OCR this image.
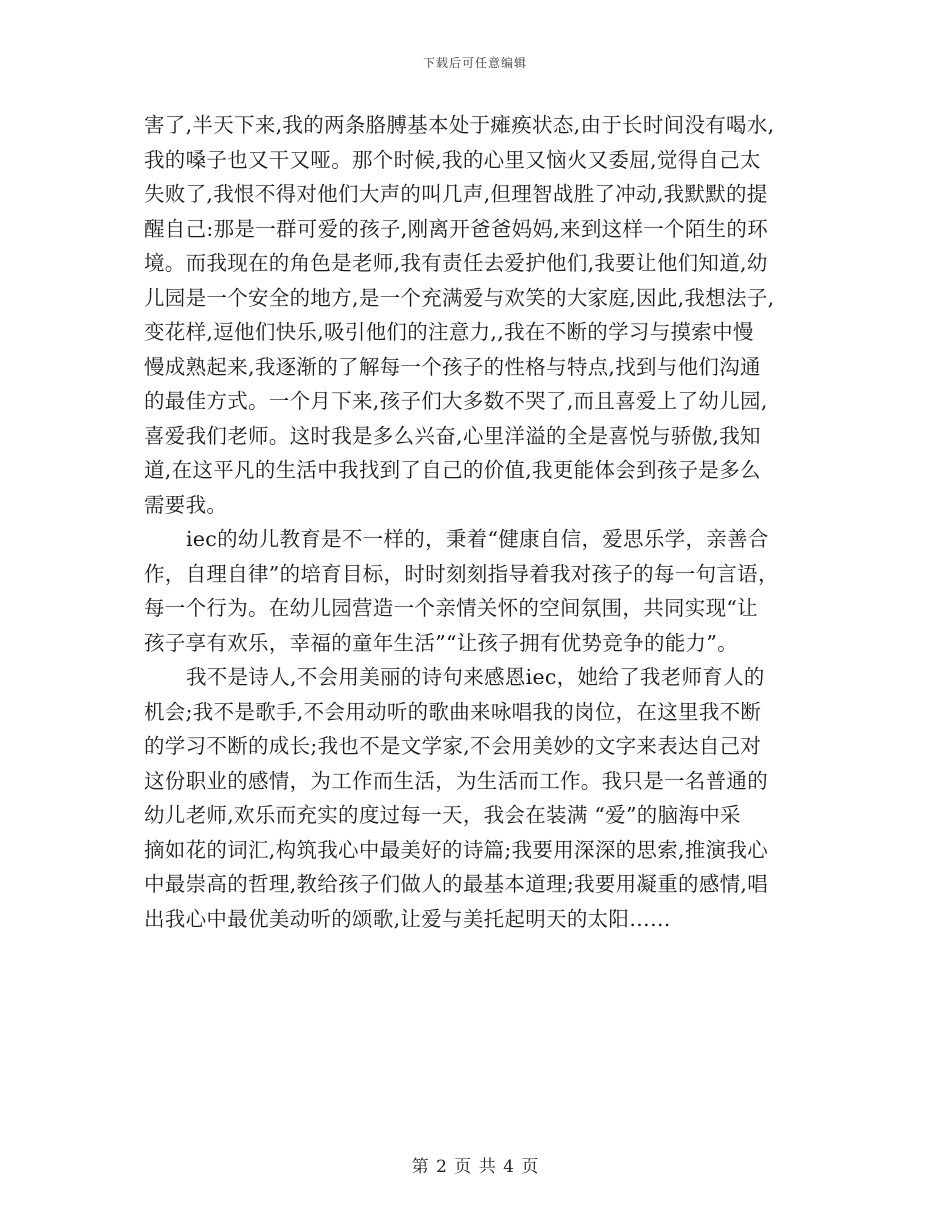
下载后可任意编辑
害了,半天下来,我的两条胳膊基本处于瘫痪状态,由于长时间没有喝水,
我的嗓子也又干又哑。那个时候,我的心里又恼火又委屈,觉得自己太
失败了,我恨不得对他们大声的叫几声,但理智战胜了冲动,我默默的提
醒自己:那是一群可爱的孩子,刚离开爸爸妈妈,来到这样一个陌生的环
境。而我现在的角色是老师,我有责任去爱护他们,我要让他们知道,幼
儿园是一个安全的地方,是一个充满爱与欢笑的大家庭,因此,我想法子,
变花样,逗他们快乐,吸引他们的注意力,,我在不断的学习与摸索中慢
慢成熟起来,我逐渐的了解每一个孩子的性格与特点,找到与他们沟通
的最佳方式。一个月下来,孩子们大多数不哭了,而且喜爱上了幼儿园,
喜爱我们老师。这时我是多么兴奋,心里洋溢的全是喜悦与骄傲,我知
道,在这平凡的生活中我找到了自己的价值,我更能体会到孩子是多么
需要我。
iec的幼儿教育是不一样的，秉着“健康自信，爱思乐学，亲善合
作，自理自律”的培育目标，时时刻刻指导着我对孩子的每一句言语，
每一个行为。在幼儿园营造一个亲情关怀的空间氛围，共同实现“让
孩子享有欢乐，幸福的童年生活”“让孩子拥有优势竞争的能力”。
我不是诗人,不会用美丽的诗句来感恩iec，她给了我老师育人的
机会;我不是歌手,不会用动听的歌曲来咏唱我的岗位，在这里我不断
的学习不断的成长;我也不是文学家,不会用美妙的文字来表达自己对
这份职业的感情，为工作而生活，为生活而工作。我只是一名普通的
幼儿老师,欢乐而充实的度过每一天，我会在装满 “爱”的脑海中采
摘如花的词汇,构筑我心中最美好的诗篇;我要用深深的思索,推演我心
中最崇高的哲理,教给孩子们做人的最基本道理;我要用凝重的感情,唱
出我心中最优美动听的颂歌,让爱与美托起明天的太阳……
第 2 页 共 4 页
